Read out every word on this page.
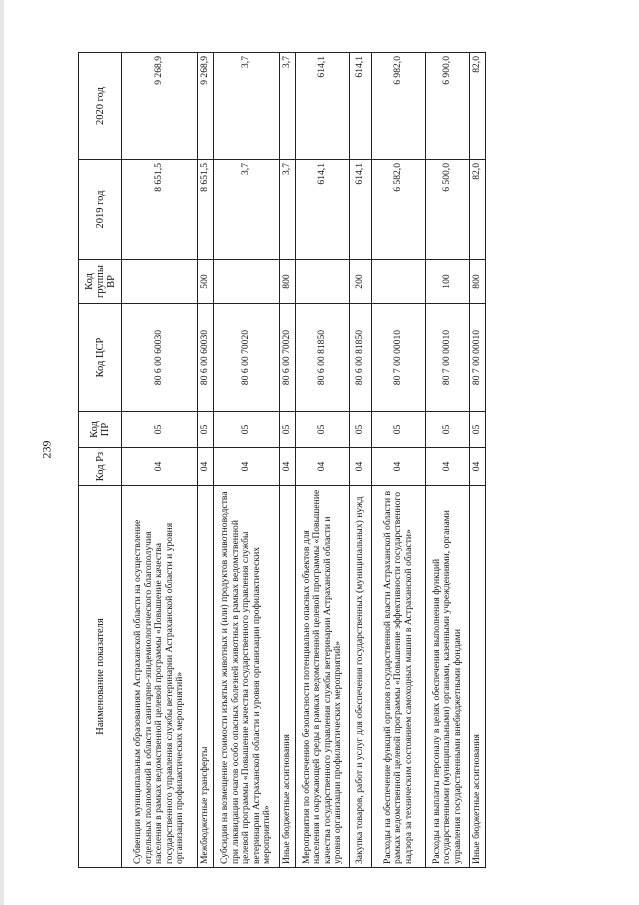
239
Наименование показателя	Код Рз	Код ПР	Код ЦСР	Код группы ВР	2019 год	2020 год
Субвенции муниципальным образованиям Астраханской области на осуществление отдельных полномочий в области санитарно-эпидемиологического благополучия населения в рамках ведомственной целевой программы «Повышение качества государственного управления службы ветеринарии Астраханской области и уровня организации профилактических мероприятий»	04	05	80 6 00 60030		8 651,5	9 268,9
Межбюджетные трансферты	04	05	80 6 00 60030	500	8 651,5	9 268,9
Субсидия на возмещение стоимости изъятых животных и (или) продуктов животноводства при ликвидации очагов особо опасных болезней животных в рамках ведомственной целевой программы «Повышение качества государственного управления службы ветеринарии Астраханской области и уровня организации профилактических мероприятий»	04	05	80 6 00 70020		3,7	3,7
Иные бюджетные ассигнования	04	05	80 6 00 70020	800	3,7	3,7
Мероприятия по обеспечению безопасности потенциально опасных объектов для населения и окружающей среды в рамках ведомственной целевой программы «Повышение качества государственного управления службы ветеринарии Астраханской области и уровня организации профилактических мероприятий»	04	05	80 6 00 81850		614,1	614,1
Закупка товаров, работ и услуг для обеспечения государственных (муниципальных) нужд	04	05	80 6 00 81850	200	614,1	614,1
Расходы на обеспечение функций органов государственной власти Астраханской области в рамках ведомственной целевой программы «Повышение эффективности государственного надзора за техническим состоянием самоходных машин в Астраханской области»	04	05	80 7 00 00010		6 582,0	6 982,0
Расходы на выплаты персоналу в целях обеспечения выполнения функций государственными (муниципальными) органами, казенными учреждениями, органами управления государственными внебюджетными фондами	04	05	80 7 00 00010	100	6 500,0	6 900,0
Иные бюджетные ассигнования	04	05	80 7 00 00010	800	82,0	82,0
